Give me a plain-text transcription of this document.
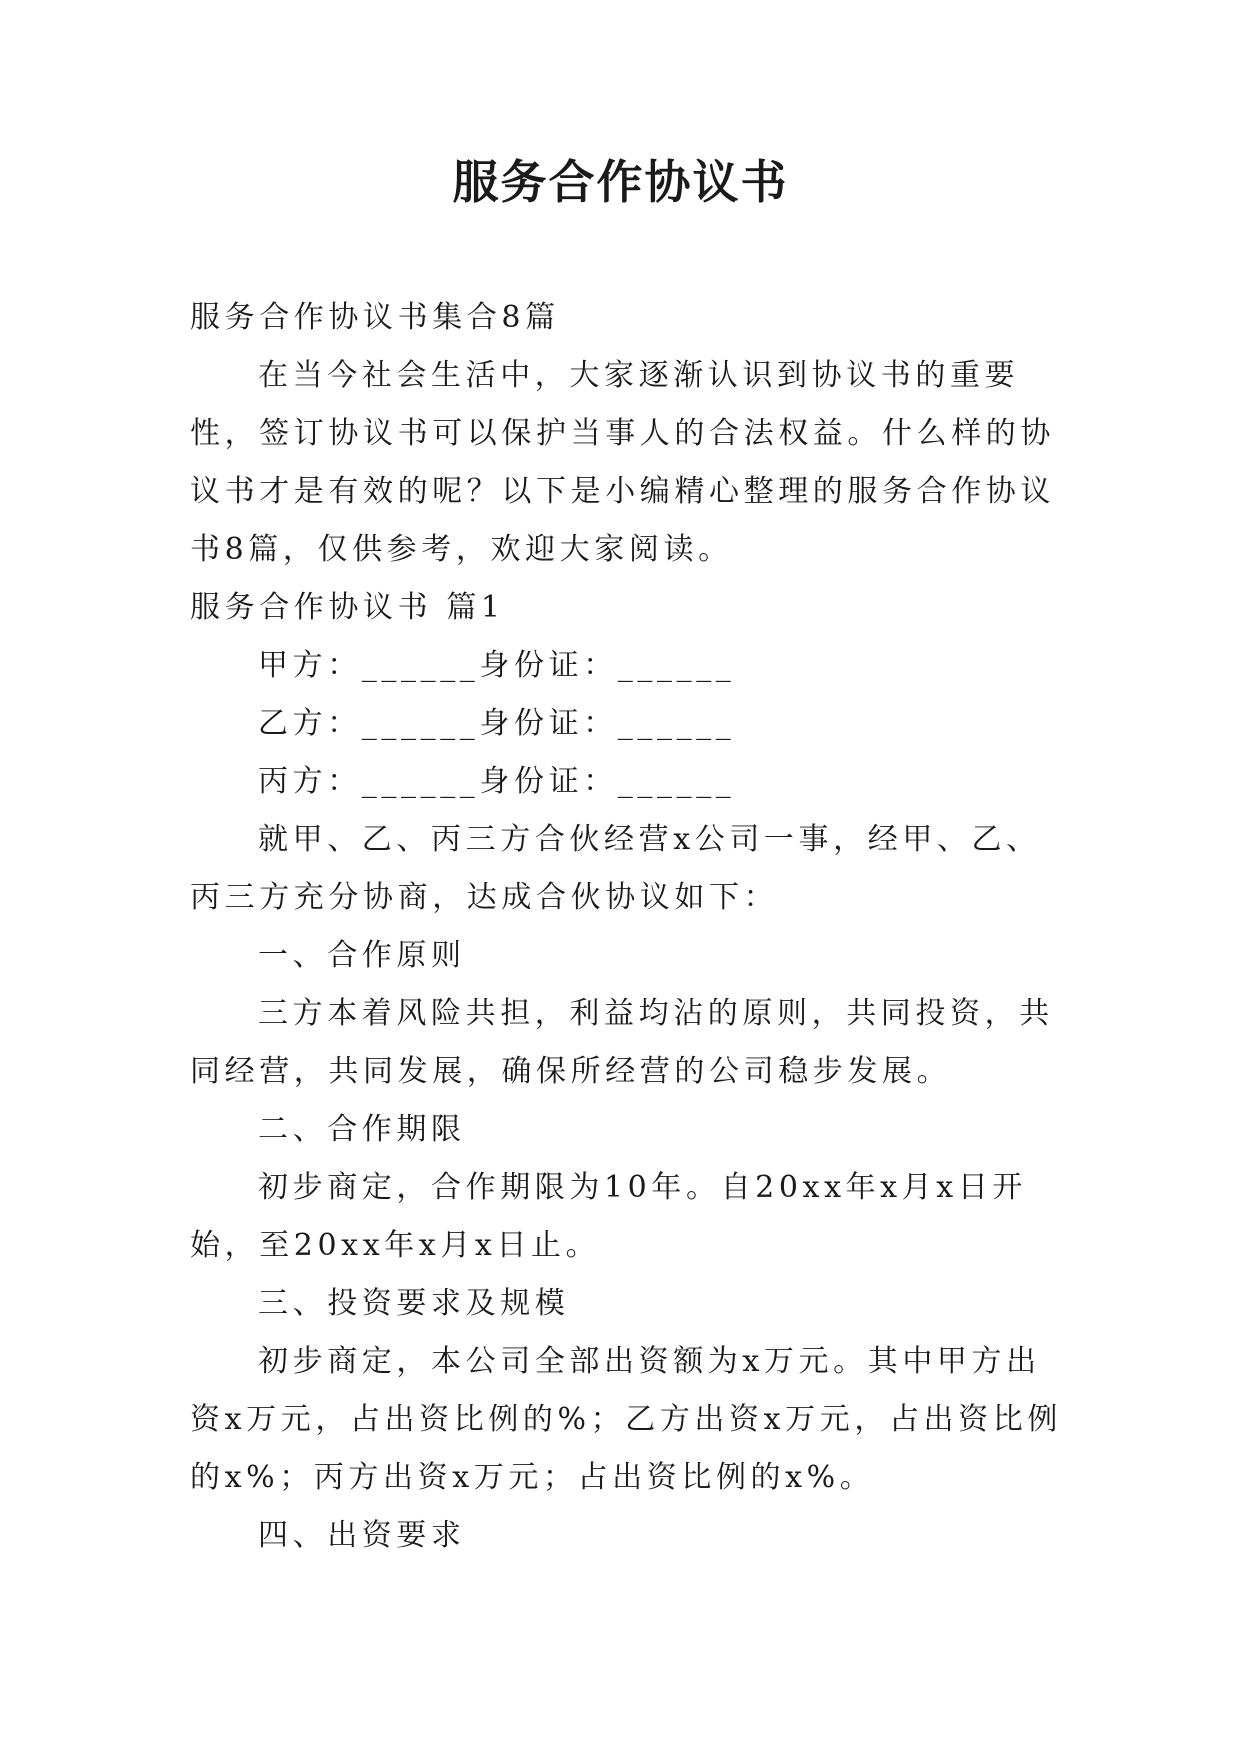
服务合作协议书

服务合作协议书集合8篇

在当今社会生活中，大家逐渐认识到协议书的重要性，签订协议书可以保护当事人的合法权益。什么样的协议书才是有效的呢？以下是小编精心整理的服务合作协议书8篇，仅供参考，欢迎大家阅读。

服务合作协议书 篇1

甲方：______身份证：______

乙方：______身份证：______

丙方：______身份证：______

就甲、乙、丙三方合伙经营x公司一事，经甲、乙、丙三方充分协商，达成合伙协议如下：

一、合作原则

三方本着风险共担，利益均沾的原则，共同投资，共同经营，共同发展，确保所经营的公司稳步发展。

二、合作期限

初步商定，合作期限为10年。自20xx年x月x日开始，至20xx年x月x日止。

三、投资要求及规模

初步商定，本公司全部出资额为x万元。其中甲方出资x万元，占出资比例的%；乙方出资x万元，占出资比例的x%；丙方出资x万元；占出资比例的x%。

四、出资要求
